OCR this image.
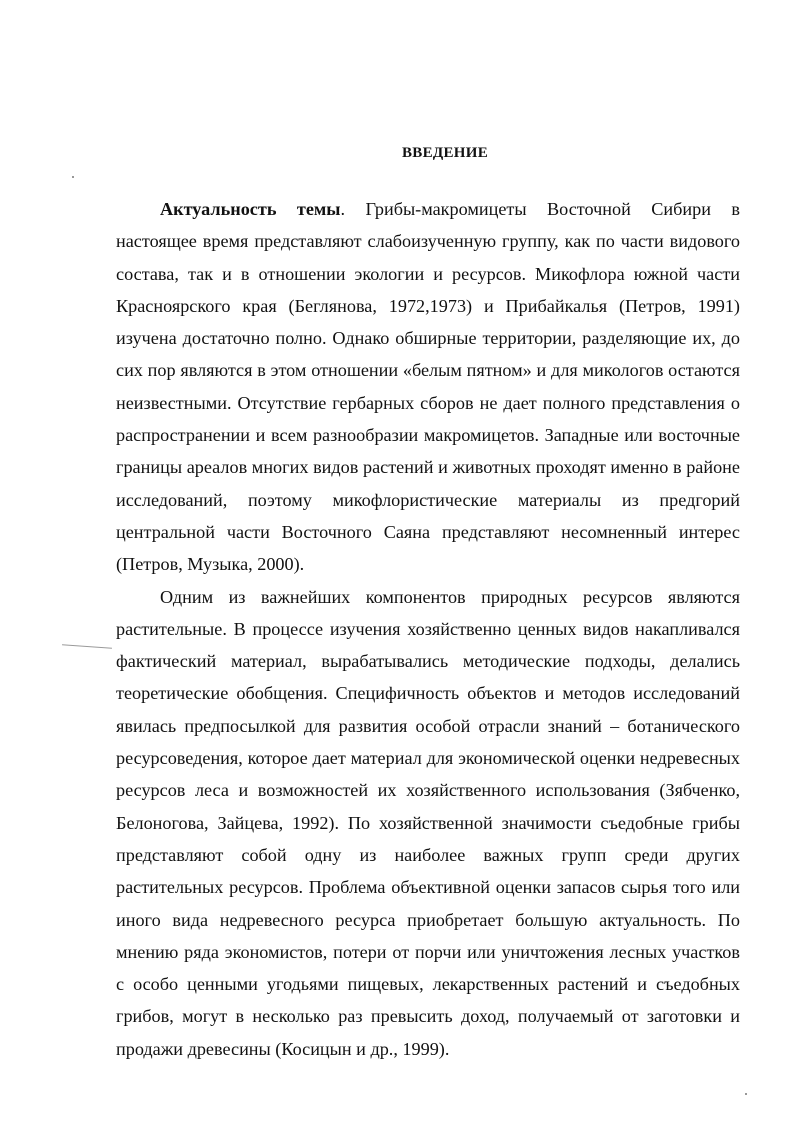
ВВЕДЕНИЕ

Актуальность темы. Грибы-макромицеты Восточной Сибири в настоящее время представляют слабоизученную группу, как по части видового состава, так и в отношении экологии и ресурсов. Микофлора южной части Красноярского края (Беглянова, 1972,1973) и Прибайкалья (Петров, 1991) изучена достаточно полно. Однако обширные территории, разделяющие их, до сих пор являются в этом отношении «белым пятном» и для микологов остаются неизвестными. Отсутствие гербарных сборов не дает полного представления о распространении и всем разнообразии макромицетов. Западные или восточные границы ареалов многих видов растений и животных проходят именно в районе исследований, поэтому микофлористические материалы из предгорий центральной части Восточного Саяна представляют несомненный интерес (Петров, Музыка, 2000).

Одним из важнейших компонентов природных ресурсов являются растительные. В процессе изучения хозяйственно ценных видов накапливался фактический материал, вырабатывались методические подходы, делались теоретические обобщения. Специфичность объектов и методов исследований явилась предпосылкой для развития особой отрасли знаний – ботанического ресурсоведения, которое дает материал для экономической оценки недревесных ресурсов леса и возможностей их хозяйственного использования (Зябченко, Белоногова, Зайцева, 1992). По хозяйственной значимости съедобные грибы представляют собой одну из наиболее важных групп среди других растительных ресурсов. Проблема объективной оценки запасов сырья того или иного вида недревесного ресурса приобретает большую актуальность. По мнению ряда экономистов, потери от порчи или уничтожения лесных участков с особо ценными угодьями пищевых, лекарственных растений и съедобных грибов, могут в несколько раз превысить доход, получаемый от заготовки и продажи древесины (Косицын и др., 1999).
